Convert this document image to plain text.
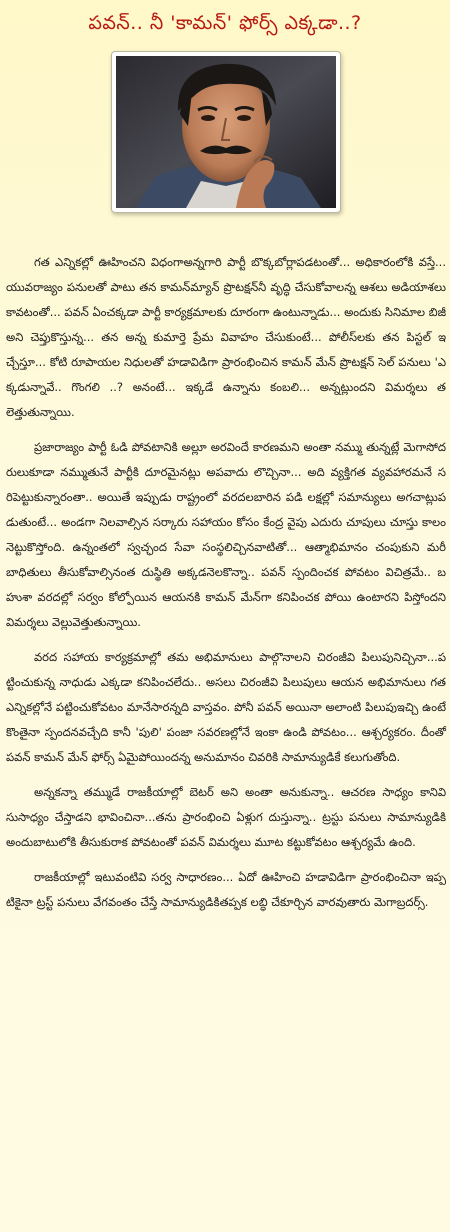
పవన్.. నీ 'కామన్' ఫోర్స్ ఎక్కడా..?

గత ఎన్నికల్లో ఊహించని విధంగాఅన్నగారి పార్టీ బొక్కబోర్లాపడటంతో... అధికారంలోకి వస్తే... యువరాజ్యం పనులతో పాటు తన కామన్‌మ్యాన్ ప్రొటక్షన్‌నీ వృద్ధి చేసుకోవాలన్న ఆశలు అడియాశలు కావటంతో... పవన్ ఏంచక్కడా పార్టీ కార్యక్రమాలకు దూరంగా ఉంటున్నాడు... అందుకు సినిమాల బిజీ అని చెప్తుకొస్తున్న... తన అన్న కుమార్తె ప్రేమ వివాహం చేసుకుంటే... పోలీస్‌లకు తన పిస్టల్ ఇచ్చేస్తూ... కోటి రూపాయల నిధులతో హడావిడిగా ప్రారంభించిన కామన్ మేన్ ప్రొటక్షన్ సెల్ పనులు 'ఎక్కడున్నావే.. గొంగలి ..? అనంటే... ఇక్కడే ఉన్నాను కంబలి... అన్నట్లుందని విమర్శలు తలెత్తుతున్నాయి.

ప్రజారాజ్యం పార్టీ ఓడి పోవటానికి అల్లూ అరవిందే కారణమని అంతా నమ్ము తున్నట్లే మెగాసోదరులుకూడా నమ్ముతునే పార్టీకి దూరమైనట్లు అపవాదు లొచ్చినా... అది వ్యక్తిగత వ్యవహారమనే సరిపెట్టుకున్నారంతా.. అయితే ఇప్పుడు రాష్ట్రంలో వరదలబారిన పడి లక్షల్లో సమాన్యులు అగచాట్లుపడుతుంటే... అండగా నిలవాల్సిన సర్కారు సహాయం కోసం కేంద్ర వైపు ఎదురు చూపులు చూస్తు కాలం నెట్టుకొస్తోంది. ఉన్నంతలో స్వచ్ఛంద సేవా సంస్థలిచ్చినవాటితో... ఆత్మాభిమానం చంపుకుని మరీ బాధితులు తీసుకోవాల్సినంత దుస్థితి అక్కడనెలకొన్నా.. పవన్ స్పందించక పోవటం విచిత్రమే.. బహుశా వరదల్లో సర్వం కోల్పోయిన ఆయనకి కామన్ మేన్‌గా కనిపించక పోయి ఉంటారని పిస్తోందని విమర్శలు వెల్లువెత్తుతున్నాయి.

వరద సహాయ కార్యక్రమాల్లో తమ అభిమానులు పాల్గొనాలని చిరంజీవి పిలుపునిచ్చినా...పట్టించుకున్న నాధుడు ఎక్కడా కనిపించలేదు.. అసలు చిరంజీవి పిలుపులు ఆయన అభిమానులు గత ఎన్నికల్లోనే పట్టించుకోవటం మానేసారన్నది వాస్తవం. పోనీ పవన్ అయినా అలాంటి పిలుపుఇచ్చి ఉంటే కొంతైనా స్పందనవచ్చేది కానీ 'పులి' పంజా సవరణల్లోనే ఇంకా ఉండి పోవటం... ఆశ్చర్యకరం. దీంతో పవన్ కామన్ మేన్ ఫోర్స్ ఏమైపోయిందన్న అనుమానం చివరికి సామాన్యుడికే కలుగుతోంది.

అన్నకన్నా తమ్ముడే రాజకీయాల్లో బెటర్ అని అంతా అనుకున్నా.. ఆచరణ సాధ్యం కానివి సుసాధ్యం చేస్తాడని భావించినా...తను ప్రారంభించి ఏళ్లుగ దుస్తున్నా.. ట్రస్టు పనులు సామాన్యుడికి అందుబాటులోకి తీసుకురాక పోవటంతో పవన్ విమర్శలు మూట కట్టుకోవటం ఆశ్చర్యమే ఉంది.

రాజకీయాల్లో ఇటువంటివి సర్వ సాధారణం... ఏదో ఊహించి హడావిడిగా ప్రారంభించినా ఇప్పటికైనా ట్రస్ట్ పనులు వేగవంతం చేస్తే సామాన్యుడికితప్పక లబ్ధి చేకూర్చిన వారవుతారు మెగాబ్రదర్స్.
